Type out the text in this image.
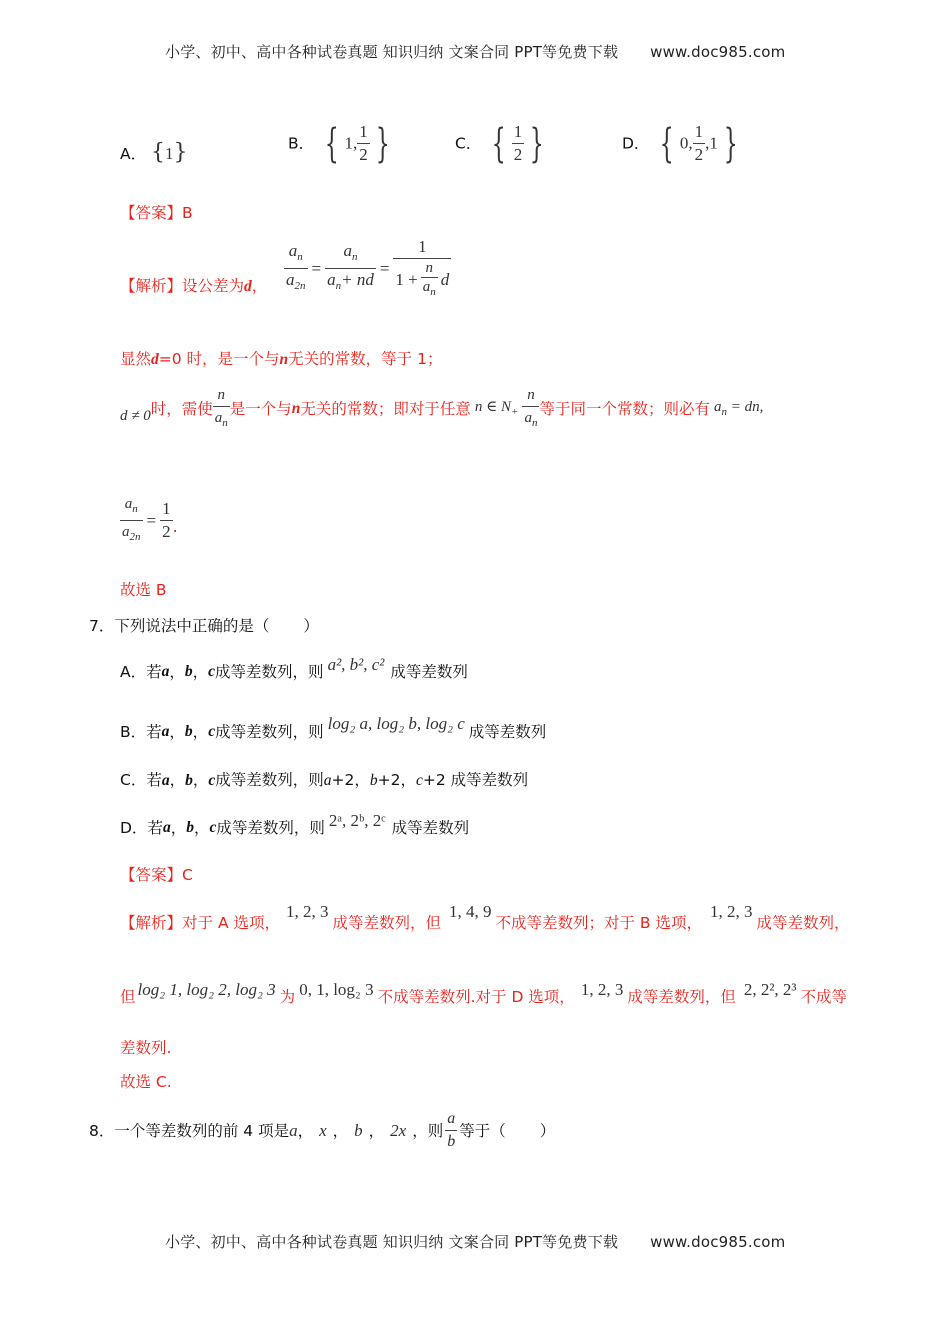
小学、初中、高中各种试卷真题 知识归纳 文案合同 PPT等免费下载 www.doc985.com
A． {1}	B． { 1, $\frac{1}{2}$ }	C． { $\frac{1}{2}$ }	D． { 0, $\frac{1}{2} ,1$ }
【答案】B
【解析】设公差为d， $\frac{a_n}{a_{2n}} = \frac{a_n}{a_n+ nd} = \frac{1}{1 + \frac{n}{a_n} d}$
显然d=0 时，是一个与n无关的常数，等于 1；
d ≠ 0 时，需使 $\frac{n}{a_n}$ 是一个与 n 无关的常数；即对于任意 n ∈ $N_+ \frac{n}{a_n}$ 等于同一个常数；则必有 $a_n$ = dn,
$\frac{a_n}{a_{2n}} = \frac{1}{2}$ .
故选 B
7．下列说法中正确的是（ ）
A． 若 a ， b ， c 成等差数列，则 a², b², c² 成等差数列
B． 若 a ， b ， c 成等差数列，则 log₂ a, log₂ b, log₂ c 成等差数列
C．若a，b，c成等差数列，则a+2，b+2，c+2 成等差数列
D． 若 a ， b ， c 成等差数列，则 2ᵃ, 2ᵇ, 2ᶜ 成等差数列
【答案】C
【解析】 对于 A 选项，
1, 2, 3
成等差数列，但
1, 4, 9
不成等差数列；对于 B 选项，
1, 2, 3
成等差数列，
但 log₂ 1, log₂ 2, log₂ 3 为 0, 1, log₂ 3 不成等差数列.对于 D 选项， 1, 2, 3 成等差数列，但 2, 2², 2³ 不成等
差数列.
故选 C.
8．一个等差数列的前 4 项是 a ， x ， b ， 2x ，则 $\frac{a}{b}$ 等于（ ）
小学、初中、高中各种试卷真题 知识归纳 文案合同 PPT等免费下载 www.doc985.com
